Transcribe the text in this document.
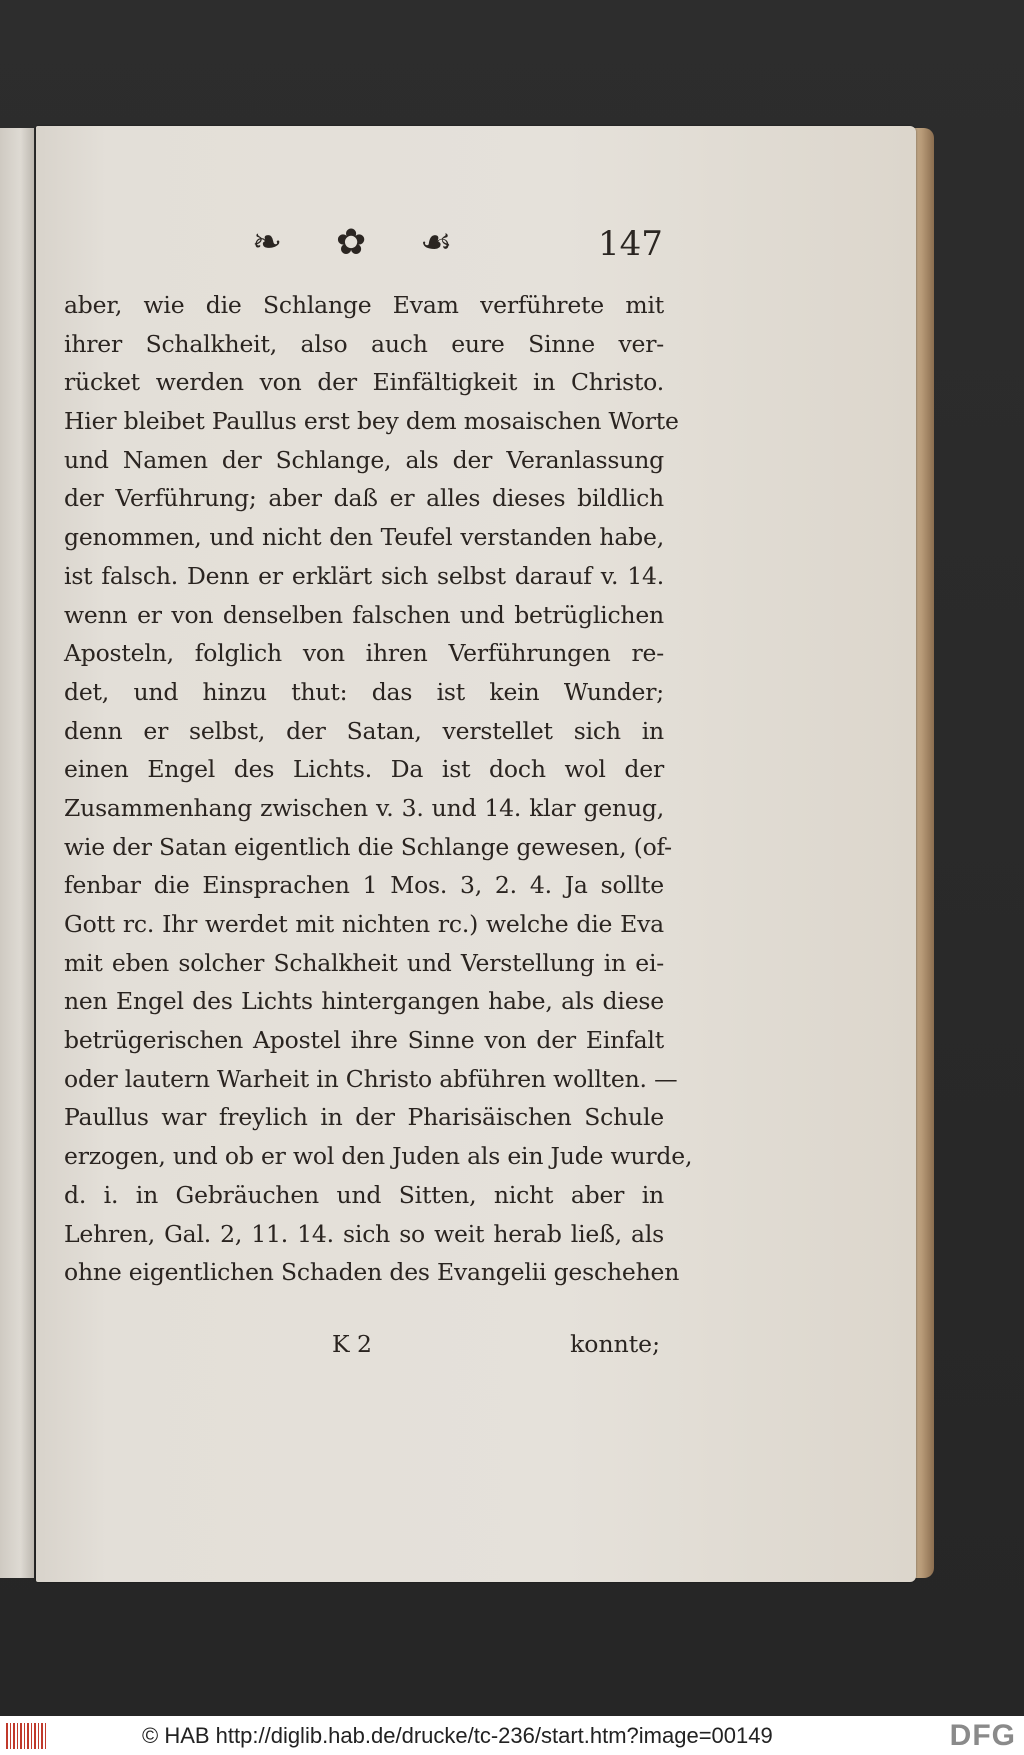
❧ ✿ ☙	147
aber, wie die Schlange Evam verführete mit
ihrer Schalkheit, also auch eure Sinne ver-
rücket werden von der Einfältigkeit in Christo.
Hier bleibet Paullus erst bey dem mosaischen Worte
und Namen der Schlange, als der Veranlassung
der Verführung; aber daß er alles dieses bildlich
genommen, und nicht den Teufel verstanden habe,
ist falsch. Denn er erklärt sich selbst darauf v. 14.
wenn er von denselben falschen und betrüglichen
Aposteln, folglich von ihren Verführungen re-
det, und hinzu thut: das ist kein Wunder;
denn er selbst, der Satan, verstellet sich in
einen Engel des Lichts. Da ist doch wol der
Zusammenhang zwischen v. 3. und 14. klar genug,
wie der Satan eigentlich die Schlange gewesen, (of-
fenbar die Einsprachen 1 Mos. 3, 2. 4. Ja sollte
Gott rc. Ihr werdet mit nichten rc.) welche die Eva
mit eben solcher Schalkheit und Verstellung in ei-
nen Engel des Lichts hintergangen habe, als diese
betrügerischen Apostel ihre Sinne von der Einfalt
oder lautern Warheit in Christo abführen wollten. —
Paullus war freylich in der Pharisäischen Schule
erzogen, und ob er wol den Juden als ein Jude wurde,
d. i. in Gebräuchen und Sitten, nicht aber in
Lehren, Gal. 2, 11. 14. sich so weit herab ließ, als
ohne eigentlichen Schaden des Evangelii geschehen
K 2	konnte;
© HAB http://diglib.hab.de/drucke/tc-236/start.htm?image=00149	DFG
